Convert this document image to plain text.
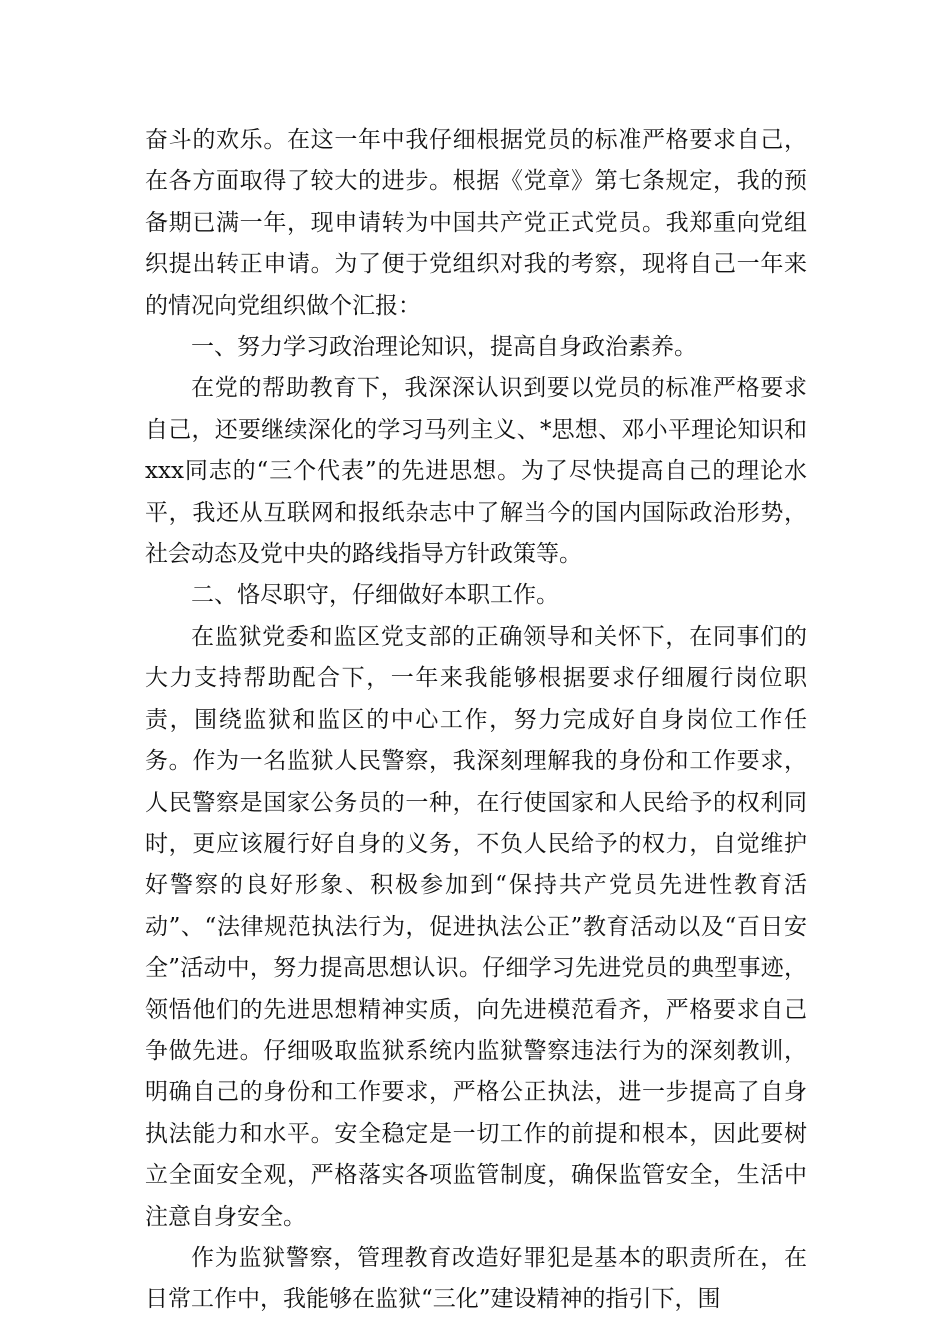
奋斗的欢乐。在这一年中我仔细根据党员的标准严格要求自己，在各方面取得了较大的进步。根据《党章》第七条规定，我的预备期已满一年，现申请转为中国共产党正式党员。我郑重向党组织提出转正申请。为了便于党组织对我的考察，现将自己一年来的情况向党组织做个汇报：

一、努力学习政治理论知识，提高自身政治素养。

在党的帮助教育下，我深深认识到要以党员的标准严格要求自己，还要继续深化的学习马列主义、*思想、邓小平理论知识和xxx同志的“三个代表”的先进思想。为了尽快提高自己的理论水平，我还从互联网和报纸杂志中了解当今的国内国际政治形势，社会动态及党中央的路线指导方针政策等。

二、恪尽职守，仔细做好本职工作。

在监狱党委和监区党支部的正确领导和关怀下，在同事们的大力支持帮助配合下，一年来我能够根据要求仔细履行岗位职责，围绕监狱和监区的中心工作，努力完成好自身岗位工作任务。作为一名监狱人民警察，我深刻理解我的身份和工作要求，人民警察是国家公务员的一种，在行使国家和人民给予的权利同时，更应该履行好自身的义务，不负人民给予的权力，自觉维护好警察的良好形象、积极参加到“保持共产党员先进性教育活动”、“法律规范执法行为，促进执法公正”教育活动以及“百日安全”活动中，努力提高思想认识。仔细学习先进党员的典型事迹，领悟他们的先进思想精神实质，向先进模范看齐，严格要求自己争做先进。仔细吸取监狱系统内监狱警察违法行为的深刻教训，明确自己的身份和工作要求，严格公正执法，进一步提高了自身执法能力和水平。安全稳定是一切工作的前提和根本，因此要树立全面安全观，严格落实各项监管制度，确保监管安全，生活中注意自身安全。

作为监狱警察，管理教育改造好罪犯是基本的职责所在，在日常工作中，我能够在监狱“三化”建设精神的指引下，围
